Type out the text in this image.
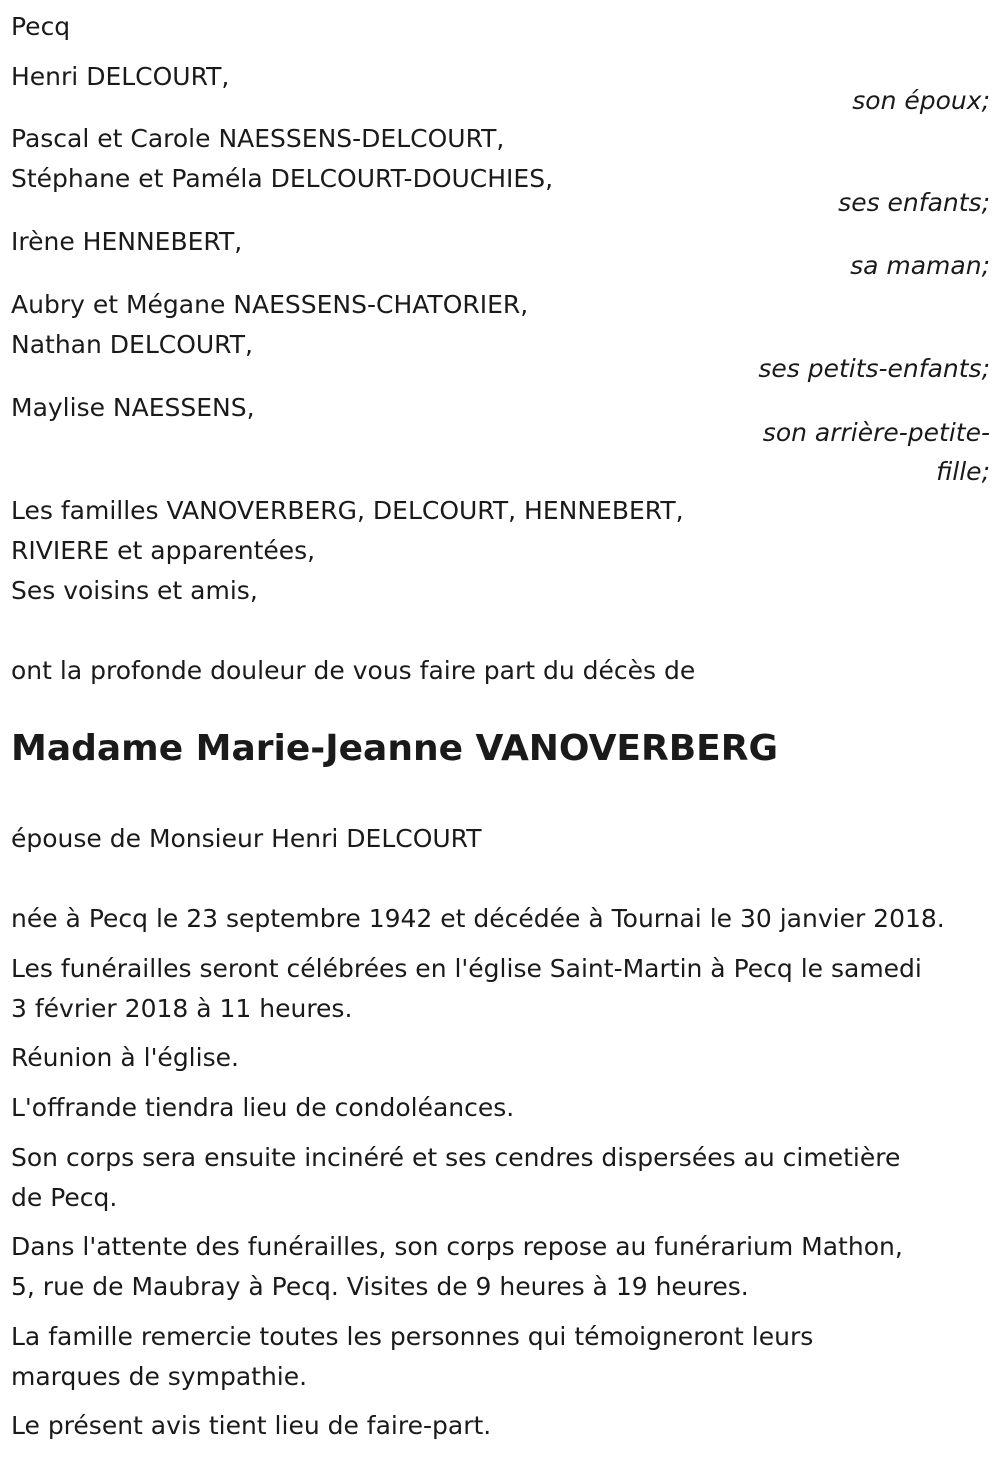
Pecq
Henri DELCOURT,
son époux;
Pascal et Carole NAESSENS-DELCOURT,
Stéphane et Paméla DELCOURT-DOUCHIES,
ses enfants;
Irène HENNEBERT,
sa maman;
Aubry et Mégane NAESSENS-CHATORIER,
Nathan DELCOURT,
ses petits-enfants;
Maylise NAESSENS,
son arrière-petite-
fille;
Les familles VANOVERBERG, DELCOURT, HENNEBERT,
RIVIERE et apparentées,
Ses voisins et amis,
ont la profonde douleur de vous faire part du décès de
Madame Marie-Jeanne VANOVERBERG
épouse de Monsieur Henri DELCOURT
née à Pecq le 23 septembre 1942 et décédée à Tournai le 30 janvier 2018.
Les funérailles seront célébrées en l'église Saint-Martin à Pecq le samedi
3 février 2018 à 11 heures.
Réunion à l'église.
L'offrande tiendra lieu de condoléances.
Son corps sera ensuite incinéré et ses cendres dispersées au cimetière
de Pecq.
Dans l'attente des funérailles, son corps repose au funérarium Mathon,
5, rue de Maubray à Pecq. Visites de 9 heures à 19 heures.
La famille remercie toutes les personnes qui témoigneront leurs
marques de sympathie.
Le présent avis tient lieu de faire-part.
